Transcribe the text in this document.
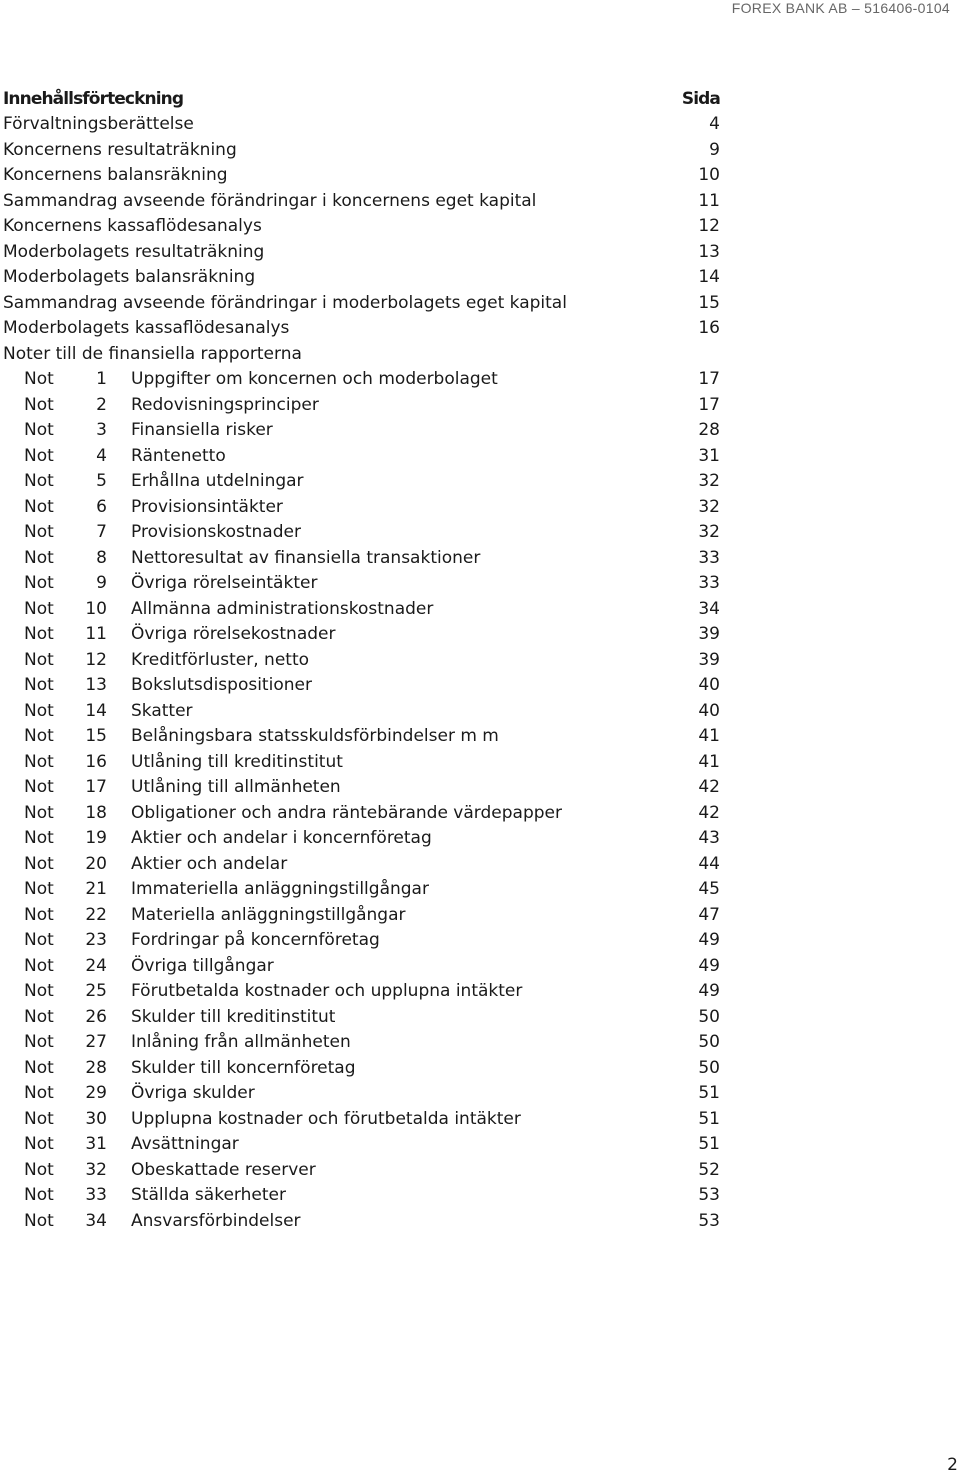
FOREX BANK AB – 516406-0104
Innehållsförteckning	Sida
Förvaltningsberättelse	4
Koncernens resultaträkning	9
Koncernens balansräkning	10
Sammandrag avseende förändringar i koncernens eget kapital	11
Koncernens kassaflödesanalys	12
Moderbolagets resultaträkning	13
Moderbolagets balansräkning	14
Sammandrag avseende förändringar i moderbolagets eget kapital	15
Moderbolagets kassaflödesanalys	16
Noter till de finansiella rapporterna
Not	1 Uppgifter om koncernen och moderbolaget	17
Not	2 Redovisningsprinciper	17
Not	3 Finansiella risker	28
Not	4 Räntenetto	31
Not	5 Erhållna utdelningar	32
Not	6 Provisionsintäkter	32
Not	7 Provisionskostnader	32
Not	8 Nettoresultat av finansiella transaktioner	33
Not	9 Övriga rörelseintäkter	33
Not	10 Allmänna administrationskostnader	34
Not	11 Övriga rörelsekostnader	39
Not	12 Kreditförluster, netto	39
Not	13 Bokslutsdispositioner	40
Not	14 Skatter	40
Not	15 Belåningsbara statsskuldsförbindelser m m	41
Not	16 Utlåning till kreditinstitut	41
Not	17 Utlåning till allmänheten	42
Not	18 Obligationer och andra räntebärande värdepapper	42
Not	19 Aktier och andelar i koncernföretag	43
Not	20 Aktier och andelar	44
Not	21 Immateriella anläggningstillgångar	45
Not	22 Materiella anläggningstillgångar	47
Not	23 Fordringar på koncernföretag	49
Not	24 Övriga tillgångar	49
Not	25 Förutbetalda kostnader och upplupna intäkter	49
Not	26 Skulder till kreditinstitut	50
Not	27 Inlåning från allmänheten	50
Not	28 Skulder till koncernföretag	50
Not	29 Övriga skulder	51
Not	30 Upplupna kostnader och förutbetalda intäkter	51
Not	31 Avsättningar	51
Not	32 Obeskattade reserver	52
Not	33 Ställda säkerheter	53
Not	34 Ansvarsförbindelser	53
2
